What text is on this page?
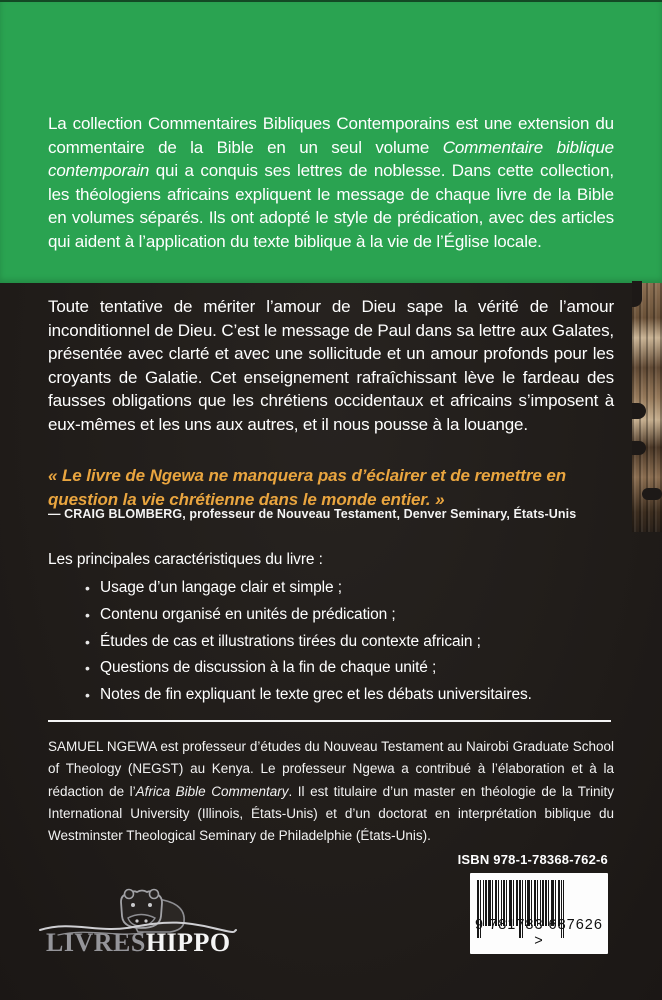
La collection Commentaires Bibliques Contemporains est une extension du commentaire de la Bible en un seul volume Commentaire biblique contemporain qui a conquis ses lettres de noblesse. Dans cette collection, les théologiens africains expliquent le message de chaque livre de la Bible en volumes séparés. Ils ont adopté le style de prédication, avec des articles qui aident à l’application du texte biblique à la vie de l’Église locale.

Toute tentative de mériter l’amour de Dieu sape la vérité de l’amour inconditionnel de Dieu. C’est le message de Paul dans sa lettre aux Galates, présentée avec clarté et avec une sollicitude et un amour profonds pour les croyants de Galatie. Cet enseignement rafraîchissant lève le fardeau des fausses obligations que les chrétiens occidentaux et africains s’imposent à eux-mêmes et les uns aux autres, et il nous pousse à la louange.

« Le livre de Ngewa ne manquera pas d’éclairer et de remettre en question la vie chrétienne dans le monde entier. »

— CRAIG BLOMBERG, professeur de Nouveau Testament, Denver Seminary, États-Unis

Les principales caractéristiques du livre :

• Usage d’un langage clair et simple ;
• Contenu organisé en unités de prédication ;
• Études de cas et illustrations tirées du contexte africain ;
• Questions de discussion à la fin de chaque unité ;
• Notes de fin expliquant le texte grec et les débats universitaires.

SAMUEL NGEWA est professeur d’études du Nouveau Testament au Nairobi Graduate School of Theology (NEGST) au Kenya. Le professeur Ngewa a contribué à l’élaboration et à la rédaction de l’Africa Bible Commentary. Il est titulaire d’un master en théologie de la Trinity International University (Illinois, États-Unis) et d’un doctorat en interprétation biblique du Westminster Theological Seminary de Philadelphie (États-Unis).

LIVRESHIPPO

ISBN 978-1-78368-762-6

9 781783 687626 >
